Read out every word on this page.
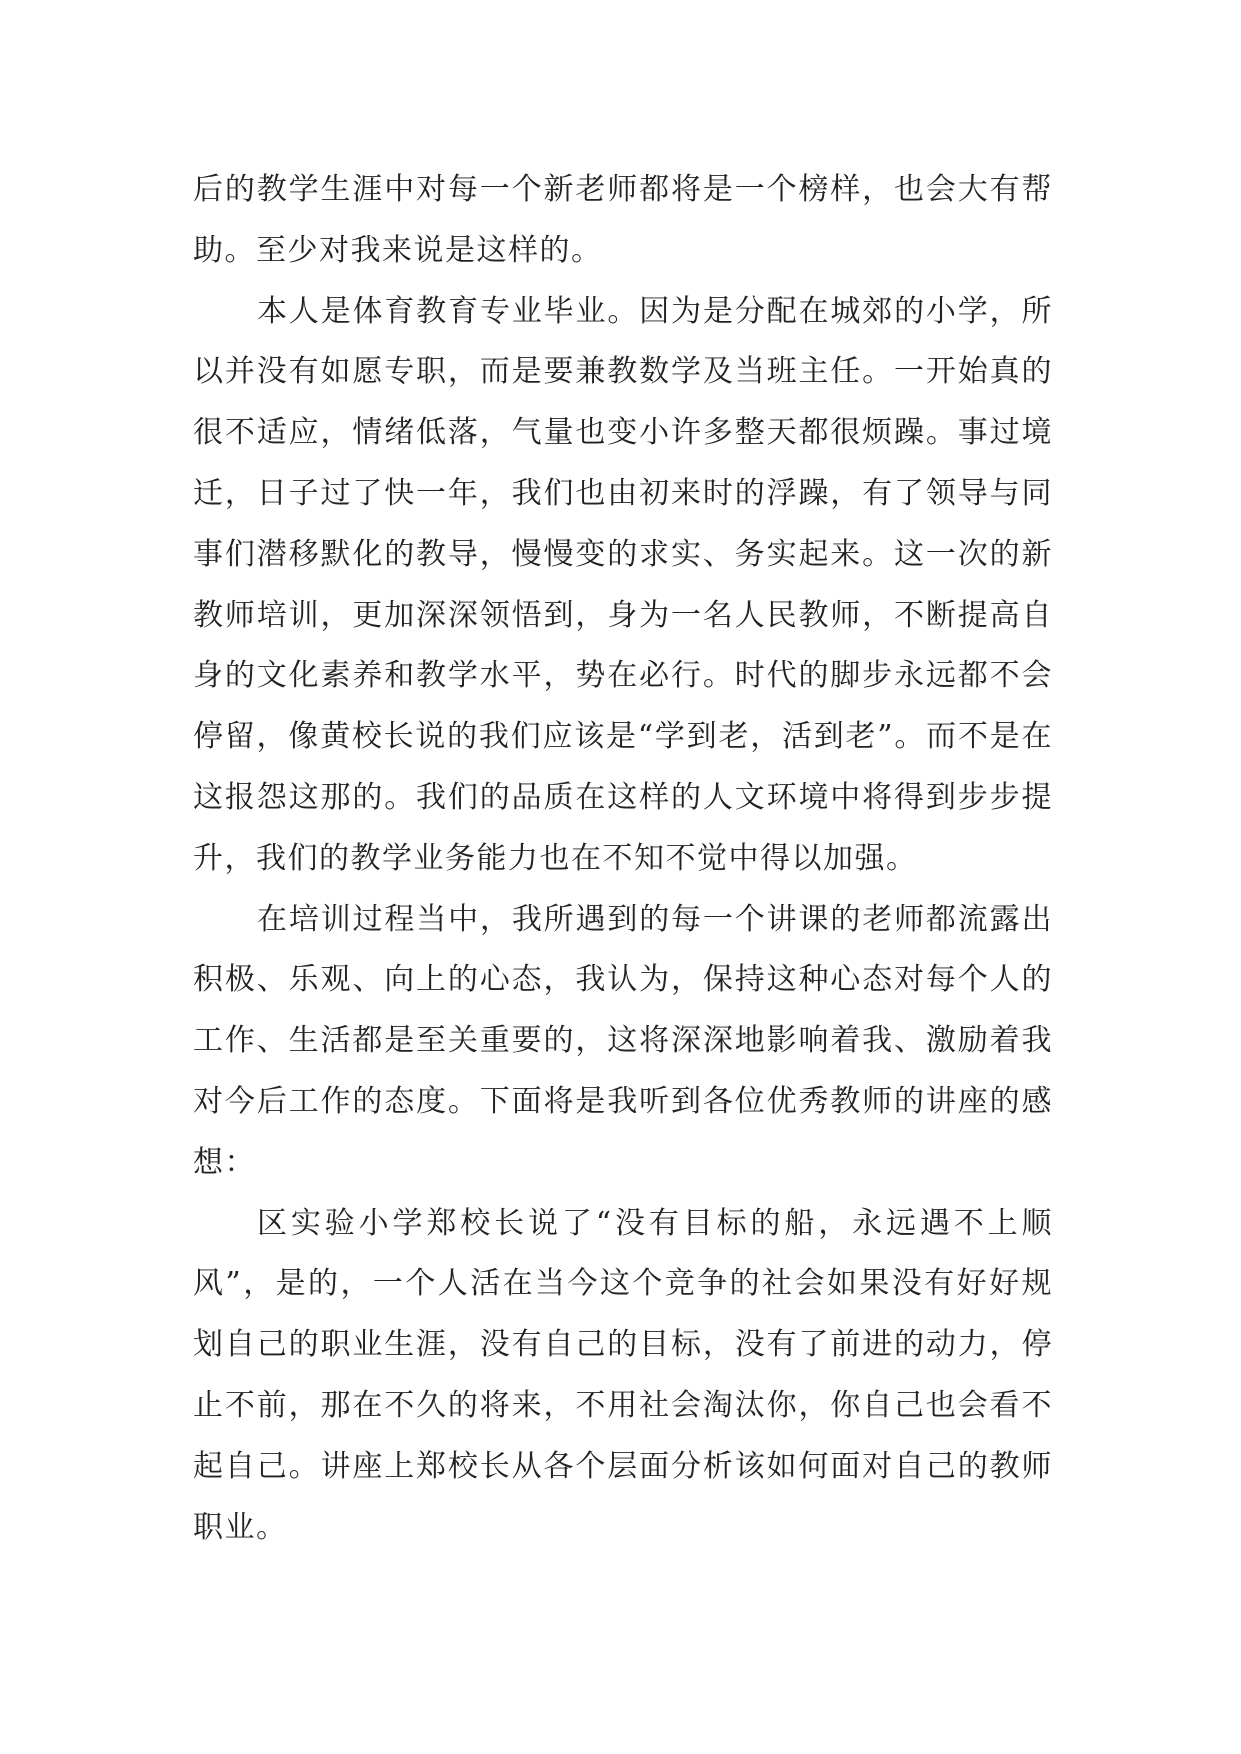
后的教学生涯中对每一个新老师都将是一个榜样，也会大有帮助。至少对我来说是这样的。

本人是体育教育专业毕业。因为是分配在城郊的小学，所以并没有如愿专职，而是要兼教数学及当班主任。一开始真的很不适应，情绪低落，气量也变小许多整天都很烦躁。事过境迁，日子过了快一年，我们也由初来时的浮躁，有了领导与同事们潜移默化的教导，慢慢变的求实、务实起来。这一次的新教师培训，更加深深领悟到，身为一名人民教师，不断提高自身的文化素养和教学水平，势在必行。时代的脚步永远都不会停留，像黄校长说的我们应该是“学到老，活到老”。而不是在这报怨这那的。我们的品质在这样的人文环境中将得到步步提升，我们的教学业务能力也在不知不觉中得以加强。

在培训过程当中，我所遇到的每一个讲课的老师都流露出积极、乐观、向上的心态，我认为，保持这种心态对每个人的工作、生活都是至关重要的，这将深深地影响着我、激励着我对今后工作的态度。下面将是我听到各位优秀教师的讲座的感想：

区实验小学郑校长说了“没有目标的船，永远遇不上顺风”，是的，一个人活在当今这个竞争的社会如果没有好好规划自己的职业生涯，没有自己的目标，没有了前进的动力，停止不前，那在不久的将来，不用社会淘汰你，你自己也会看不起自己。讲座上郑校长从各个层面分析该如何面对自己的教师职业。
